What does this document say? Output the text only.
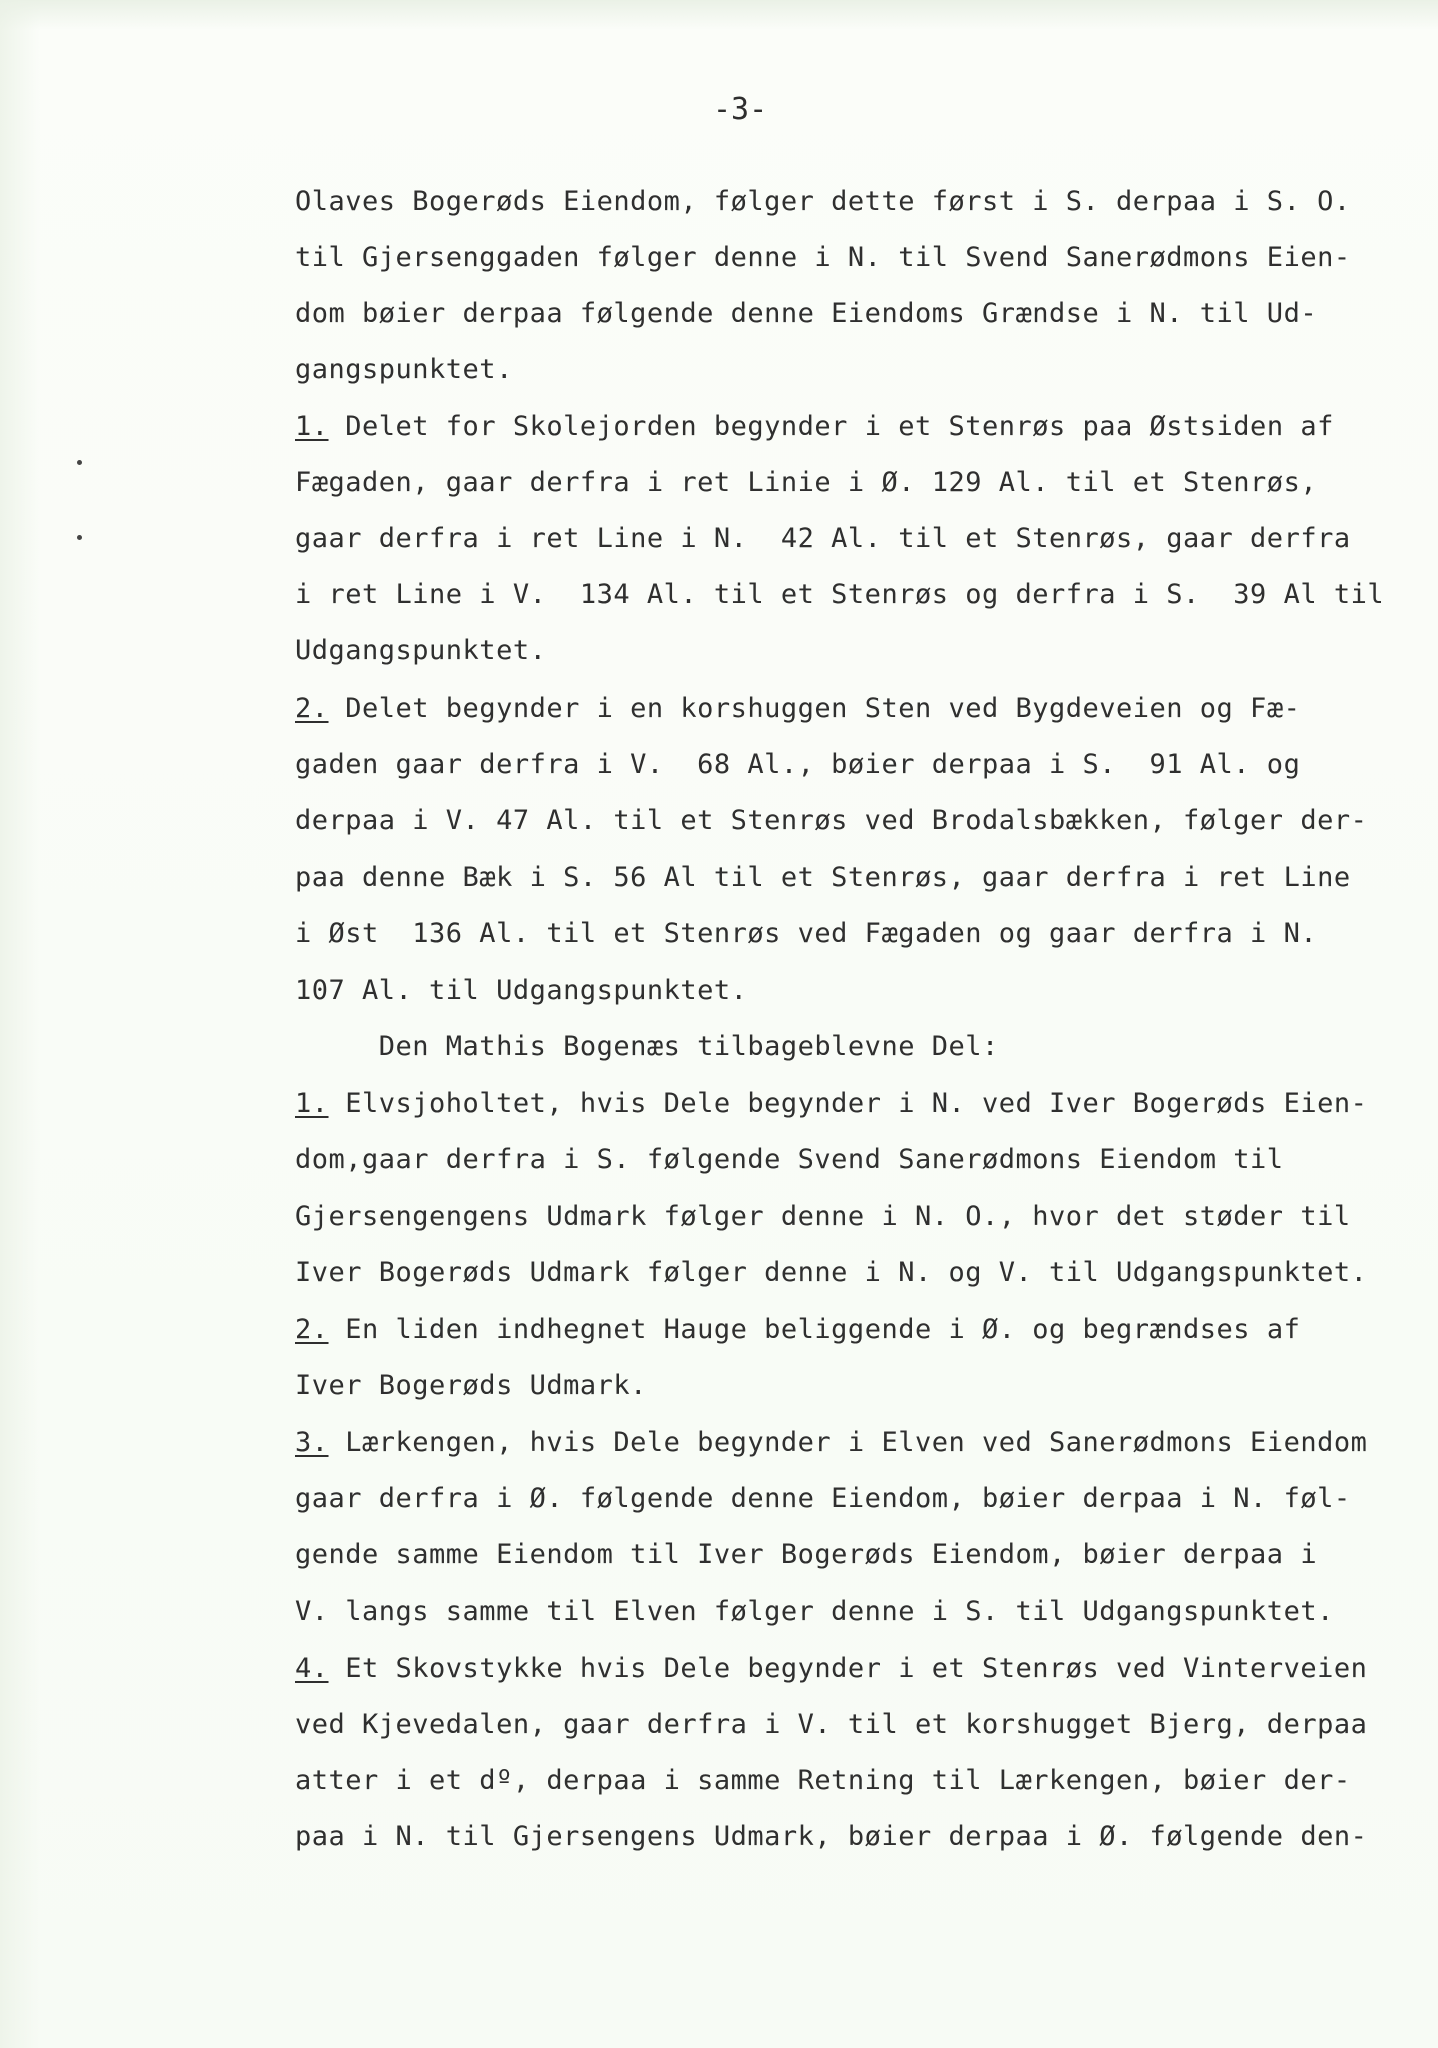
-3-

Olaves Bogerøds Eiendom, følger dette først i S. derpaa i S. O.

til Gjersenggaden følger denne i N. til Svend Sanerødmons Eien-

dom bøier derpaa følgende denne Eiendoms Grændse i N. til Ud-

gangspunktet.

1. Delet for Skolejorden begynder i et Stenrøs paa Østsiden af

Fægaden, gaar derfra i ret Linie i Ø. 129 Al. til et Stenrøs,

gaar derfra i ret Line i N.  42 Al. til et Stenrøs, gaar derfra

i ret Line i V.  134 Al. til et Stenrøs og derfra i S.  39 Al til

Udgangspunktet.

2. Delet begynder i en korshuggen Sten ved Bygdeveien og Fæ-

gaden gaar derfra i V.  68 Al., bøier derpaa i S.  91 Al. og

derpaa i V. 47 Al. til et Stenrøs ved Brodalsbækken, følger der-

paa denne Bæk i S. 56 Al til et Stenrøs, gaar derfra i ret Line

i Øst  136 Al. til et Stenrøs ved Fægaden og gaar derfra i N.

107 Al. til Udgangspunktet.

Den Mathis Bogenæs tilbageblevne Del:

1. Elvsjoholtet, hvis Dele begynder i N. ved Iver Bogerøds Eien-

dom,gaar derfra i S. følgende Svend Sanerødmons Eiendom til

Gjersengengens Udmark følger denne i N. O., hvor det støder til

Iver Bogerøds Udmark følger denne i N. og V. til Udgangspunktet.

2. En liden indhegnet Hauge beliggende i Ø. og begrændses af

Iver Bogerøds Udmark.

3. Lærkengen, hvis Dele begynder i Elven ved Sanerødmons Eiendom

gaar derfra i Ø. følgende denne Eiendom, bøier derpaa i N. føl-

gende samme Eiendom til Iver Bogerøds Eiendom, bøier derpaa i

V. langs samme til Elven følger denne i S. til Udgangspunktet.

4. Et Skovstykke hvis Dele begynder i et Stenrøs ved Vinterveien

ved Kjevedalen, gaar derfra i V. til et korshugget Bjerg, derpaa

atter i et dº, derpaa i samme Retning til Lærkengen, bøier der-

paa i N. til Gjersengens Udmark, bøier derpaa i Ø. følgende den-
